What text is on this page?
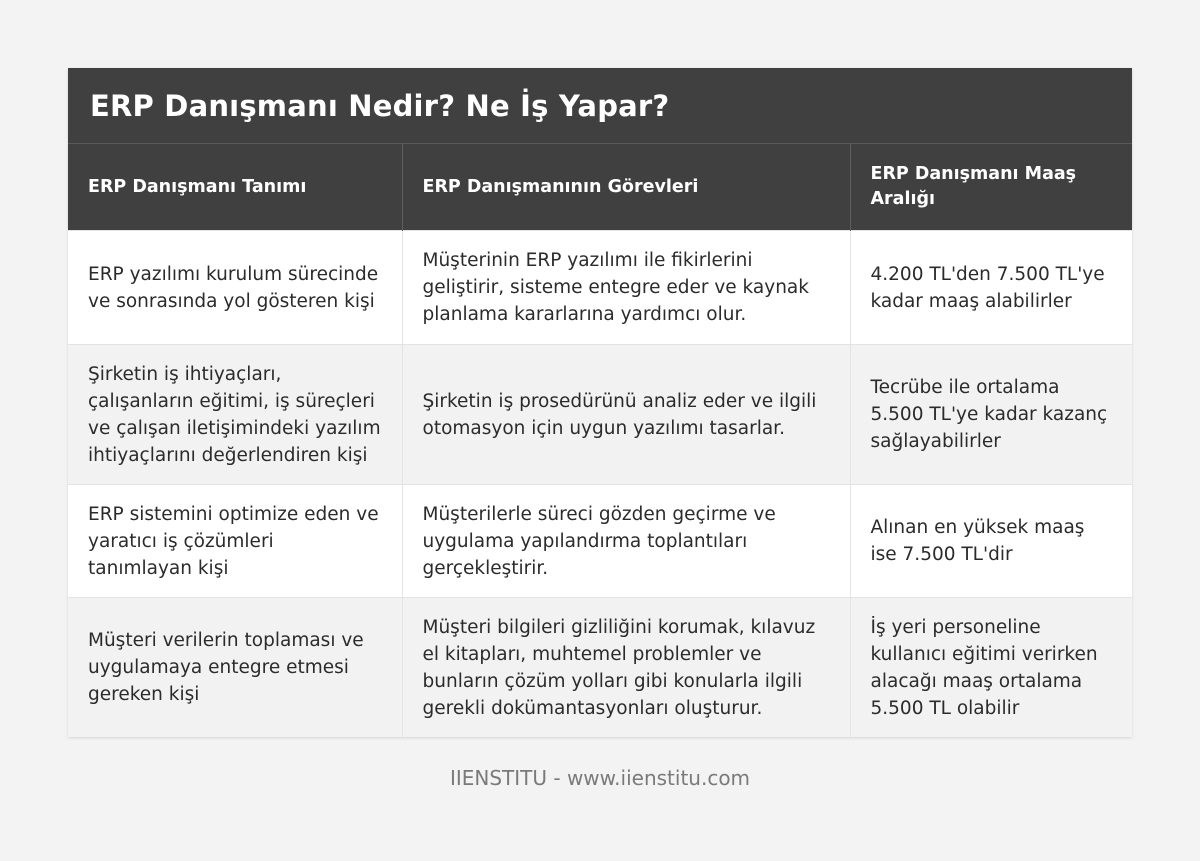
ERP Danışmanı Nedir? Ne İş Yapar?
ERP Danışmanı Tanımı	ERP Danışmanının Görevleri	ERP Danışmanı Maaş Aralığı
ERP yazılımı kurulum sürecinde ve sonrasında yol gösteren kişi	Müşterinin ERP yazılımı ile fikirlerini geliştirir, sisteme entegre eder ve kaynak planlama kararlarına yardımcı olur.	4.200 TL'den 7.500 TL'ye kadar maaş alabilirler
Şirketin iş ihtiyaçları, çalışanların eğitimi, iş süreçleri ve çalışan iletişimindeki yazılım ihtiyaçlarını değerlendiren kişi	Şirketin iş prosedürünü analiz eder ve ilgili otomasyon için uygun yazılımı tasarlar.	Tecrübe ile ortalama 5.500 TL'ye kadar kazanç sağlayabilirler
ERP sistemini optimize eden ve yaratıcı iş çözümleri tanımlayan kişi	Müşterilerle süreci gözden geçirme ve uygulama yapılandırma toplantıları gerçekleştirir.	Alınan en yüksek maaş ise 7.500 TL'dir
Müşteri verilerin toplaması ve uygulamaya entegre etmesi gereken kişi	Müşteri bilgileri gizliliğini korumak, kılavuz el kitapları, muhtemel problemler ve bunların çözüm yolları gibi konularla ilgili gerekli dokümantasyonları oluşturur.	İş yeri personeline kullanıcı eğitimi verirken alacağı maaş ortalama 5.500 TL olabilir
IIENSTITU - www.iienstitu.com
